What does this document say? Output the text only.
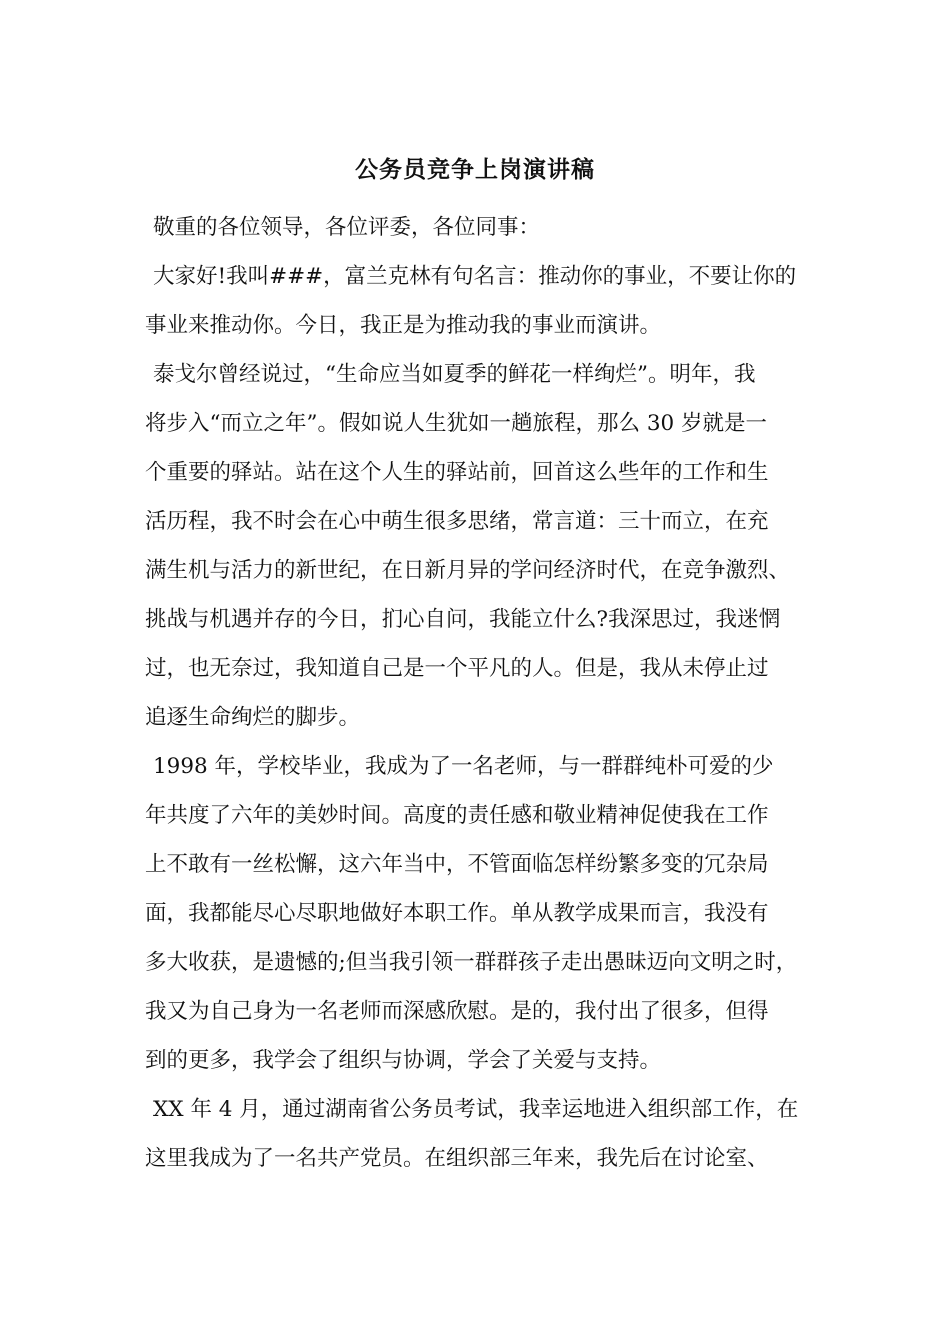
公务员竞争上岗演讲稿
敬重的各位领导，各位评委，各位同事：
大家好!我叫###，富兰克林有句名言：推动你的事业，不要让你的
事业来推动你。今日，我正是为推动我的事业而演讲。
泰戈尔曾经说过，“生命应当如夏季的鲜花一样绚烂”。明年，我
将步入“而立之年”。假如说人生犹如一趟旅程，那么 30 岁就是一
个重要的驿站。站在这个人生的驿站前，回首这么些年的工作和生
活历程，我不时会在心中萌生很多思绪，常言道：三十而立，在充
满生机与活力的新世纪，在日新月异的学问经济时代，在竞争激烈、
挑战与机遇并存的今日，扪心自问，我能立什么?我深思过，我迷惘
过，也无奈过，我知道自己是一个平凡的人。但是，我从未停止过
追逐生命绚烂的脚步。
1998 年，学校毕业，我成为了一名老师，与一群群纯朴可爱的少
年共度了六年的美妙时间。高度的责任感和敬业精神促使我在工作
上不敢有一丝松懈，这六年当中，不管面临怎样纷繁多变的冗杂局
面，我都能尽心尽职地做好本职工作。单从教学成果而言，我没有
多大收获，是遗憾的;但当我引领一群群孩子走出愚昧迈向文明之时，
我又为自己身为一名老师而深感欣慰。是的，我付出了很多，但得
到的更多，我学会了组织与协调，学会了关爱与支持。
XX 年 4 月，通过湖南省公务员考试，我幸运地进入组织部工作，在
这里我成为了一名共产党员。在组织部三年来，我先后在讨论室、
